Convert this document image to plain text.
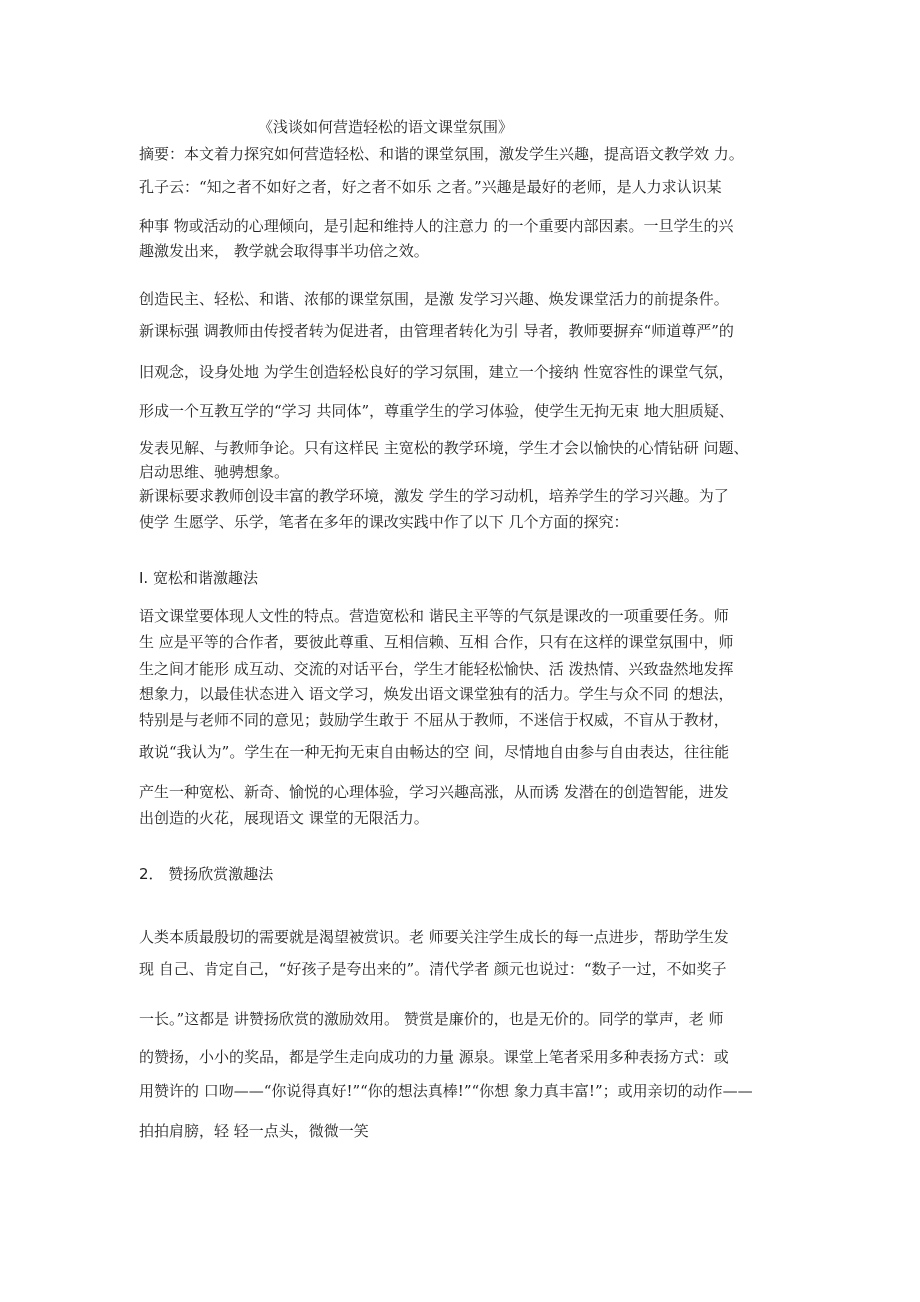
《浅谈如何营造轻松的语文课堂氛围》
摘要：本文着力探究如何营造轻松、和谐的课堂氛围，激发学生兴趣，提高语文教学效 力。
孔子云：“知之者不如好之者，好之者不如乐 之者。”兴趣是最好的老师，是人力求认识某
种事 物或活动的心理倾向，是引起和维持人的注意力 的一个重要内部因素。一旦学生的兴
趣激发出来， 教学就会取得事半功倍之效。
创造民主、轻松、和谐、浓郁的课堂氛围，是激 发学习兴趣、焕发课堂活力的前提条件。
新课标强 调教师由传授者转为促进者，由管理者转化为引 导者，教师要摒弃“师道尊严”的
旧观念，设身处地 为学生创造轻松良好的学习氛围，建立一个接纳 性宽容性的课堂气氛，
形成一个互教互学的“学习 共同体”，尊重学生的学习体验，使学生无拘无束 地大胆质疑、
发表见解、与教师争论。只有这样民 主宽松的教学环境，学生才会以愉快的心情钻研 问题、
启动思维、驰骋想象。
新课标要求教师创设丰富的教学环境，激发 学生的学习动机，培养学生的学习兴趣。为了
使学 生愿学、乐学，笔者在多年的课改实践中作了以下 几个方面的探究：
I. 宽松和谐激趣法
语文课堂要体现人文性的特点。营造宽松和 谐民主平等的气氛是课改的一项重要任务。师
生 应是平等的合作者，要彼此尊重、互相信赖、互相 合作，只有在这样的课堂氛围中，师
生之间才能形 成互动、交流的对话平台，学生才能轻松愉快、活 泼热情、兴致盎然地发挥
想象力，以最佳状态进入 语文学习，焕发出语文课堂独有的活力。学生与众不同 的想法，
特别是与老师不同的意见；鼓励学生敢于 不屈从于教师，不迷信于权威，不盲从于教材，
敢说“我认为”。学生在一种无拘无束自由畅达的空 间，尽情地自由参与自由表达，往往能
产生一种宽松、新奇、愉悦的心理体验，学习兴趣高涨，从而诱 发潜在的创造智能，进发
出创造的火花，展现语文 课堂的无限活力。
2． 赞扬欣赏激趣法
人类本质最殷切的需要就是渴望被赏识。老 师要关注学生成长的每一点进步，帮助学生发
现 自己、肯定自己，“好孩子是夸出来的”。清代学者 颜元也说过：“数子一过，不如奖子
一长。”这都是 讲赞扬欣赏的激励效用。 赞赏是廉价的，也是无价的。同学的掌声，老 师
的赞扬，小小的奖品，都是学生走向成功的力量 源泉。课堂上笔者采用多种表扬方式：或
用赞许的 口吻——“你说得真好!”“你的想法真棒!”“你想 象力真丰富!”；或用亲切的动作——
拍拍肩膀，轻 轻一点头，微微一笑
